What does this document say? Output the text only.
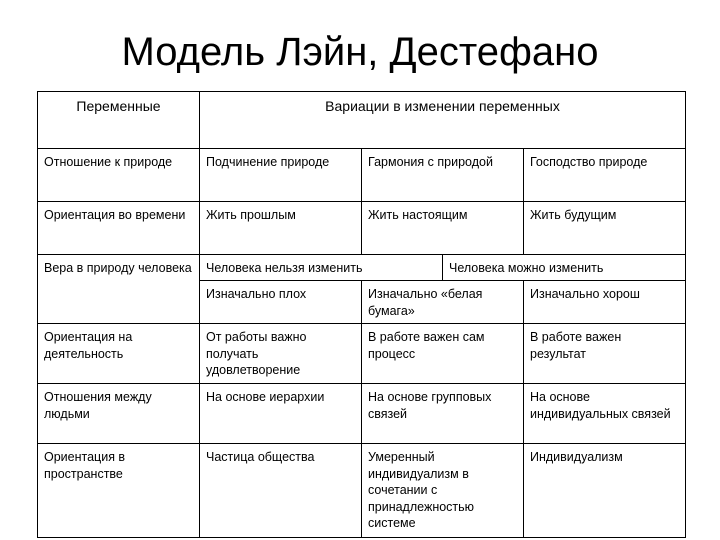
Модель Лэйн, Дестефано
Переменные	Вариации в изменении переменных			
Отношение к природе	Подчинение природе	Гармония с природой		Господство природе
Ориентация во времени	Жить прошлым	Жить настоящим		Жить будущим
Вера в природу человека	Человека нельзя изменить		Человека можно изменить	
	Изначально плох	Изначально «белая бумага»		Изначально хорош
Ориентация на деятельность	От работы важно получать удовлетворение	В работе важен сам процесс		В работе важен результат
Отношения между людьми	На основе иерархии	На основе групповых связей		На основе индивидуальных связей
Ориентация в пространстве	Частица общества	Умеренный индивидуализм в сочетании с принадлежностью системе		Индивидуализм
